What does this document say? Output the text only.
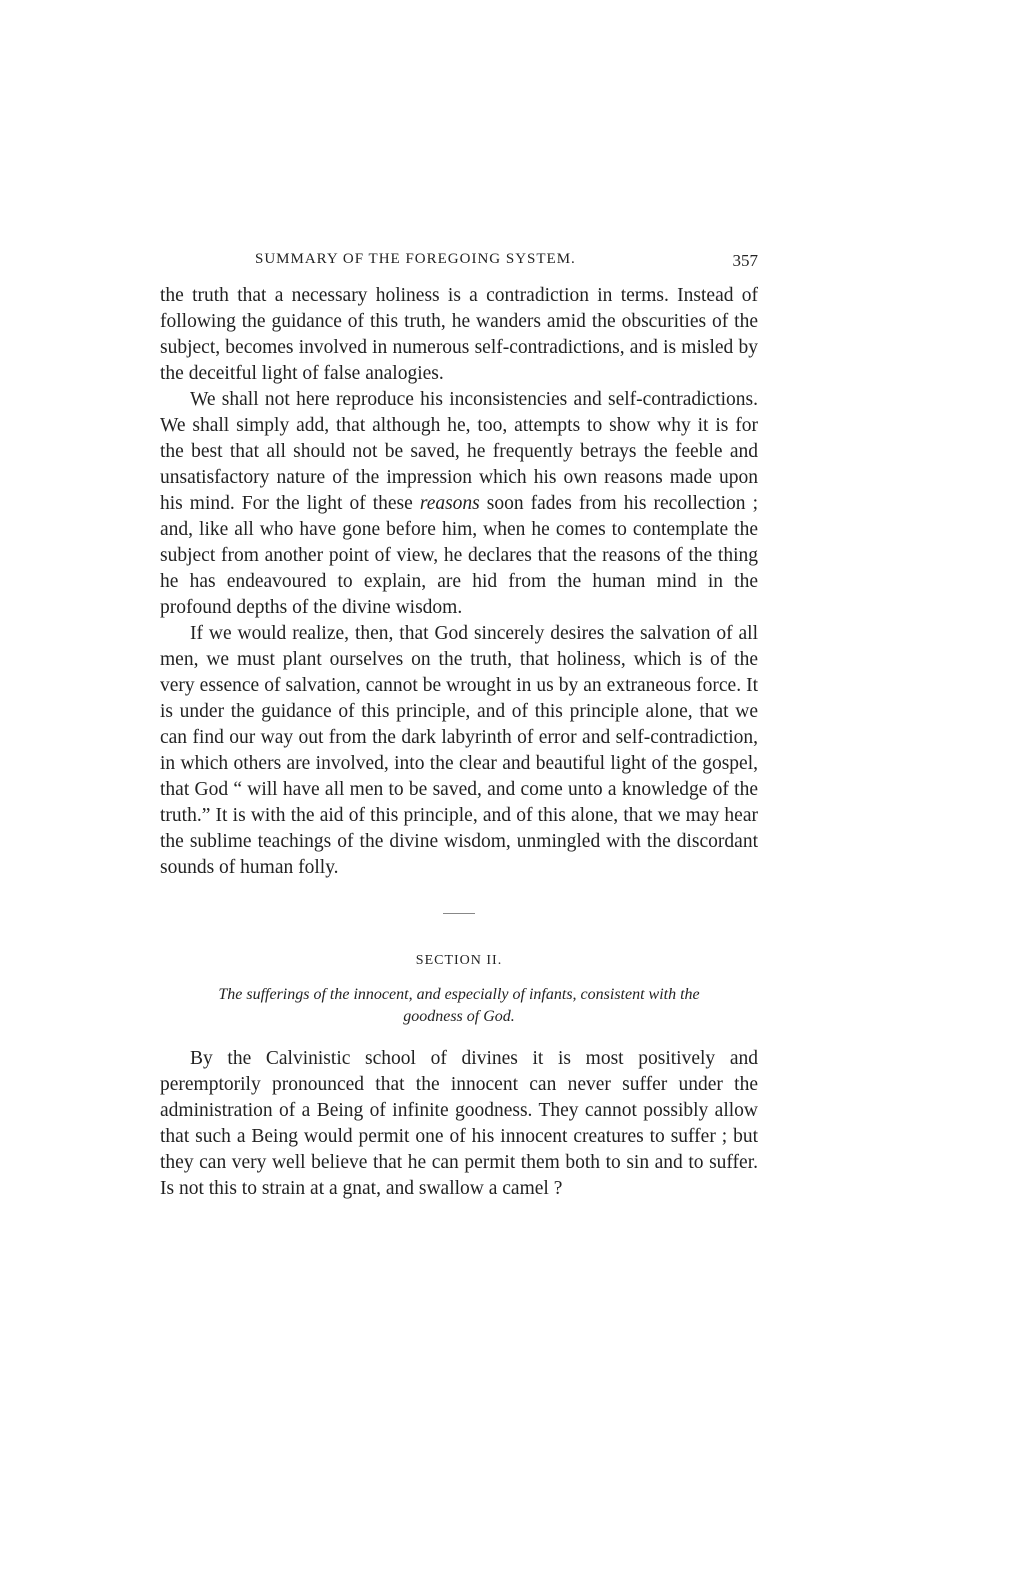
SUMMARY OF THE FOREGOING SYSTEM.	357

the truth that a necessary holiness is a contradiction in terms. Instead of following the guidance of this truth, he wanders amid the obscurities of the subject, becomes involved in numerous self-contradictions, and is misled by the deceitful light of false analogies.

We shall not here reproduce his inconsistencies and self-contradictions. We shall simply add, that although he, too, attempts to show why it is for the best that all should not be saved, he frequently betrays the feeble and unsatisfactory nature of the impression which his own reasons made upon his mind. For the light of these reasons soon fades from his recollection ; and, like all who have gone before him, when he comes to contemplate the subject from another point of view, he declares that the reasons of the thing he has endeavoured to explain, are hid from the human mind in the profound depths of the divine wisdom.

If we would realize, then, that God sincerely desires the salvation of all men, we must plant ourselves on the truth, that holiness, which is of the very essence of salvation, cannot be wrought in us by an extraneous force. It is under the guidance of this principle, and of this principle alone, that we can find our way out from the dark labyrinth of error and self-contradiction, in which others are involved, into the clear and beautiful light of the gospel, that God “ will have all men to be saved, and come unto a knowledge of the truth.” It is with the aid of this principle, and of this alone, that we may hear the sublime teachings of the divine wisdom, unmingled with the discordant sounds of human folly.

SECTION II.
The sufferings of the innocent, and especially of infants, consistent with the
goodness of God.

By the Calvinistic school of divines it is most positively and peremptorily pronounced that the innocent can never suffer under the administration of a Being of infinite goodness. They cannot possibly allow that such a Being would permit one of his innocent creatures to suffer ; but they can very well believe that he can permit them both to sin and to suffer. Is not this to strain at a gnat, and swallow a camel ?
